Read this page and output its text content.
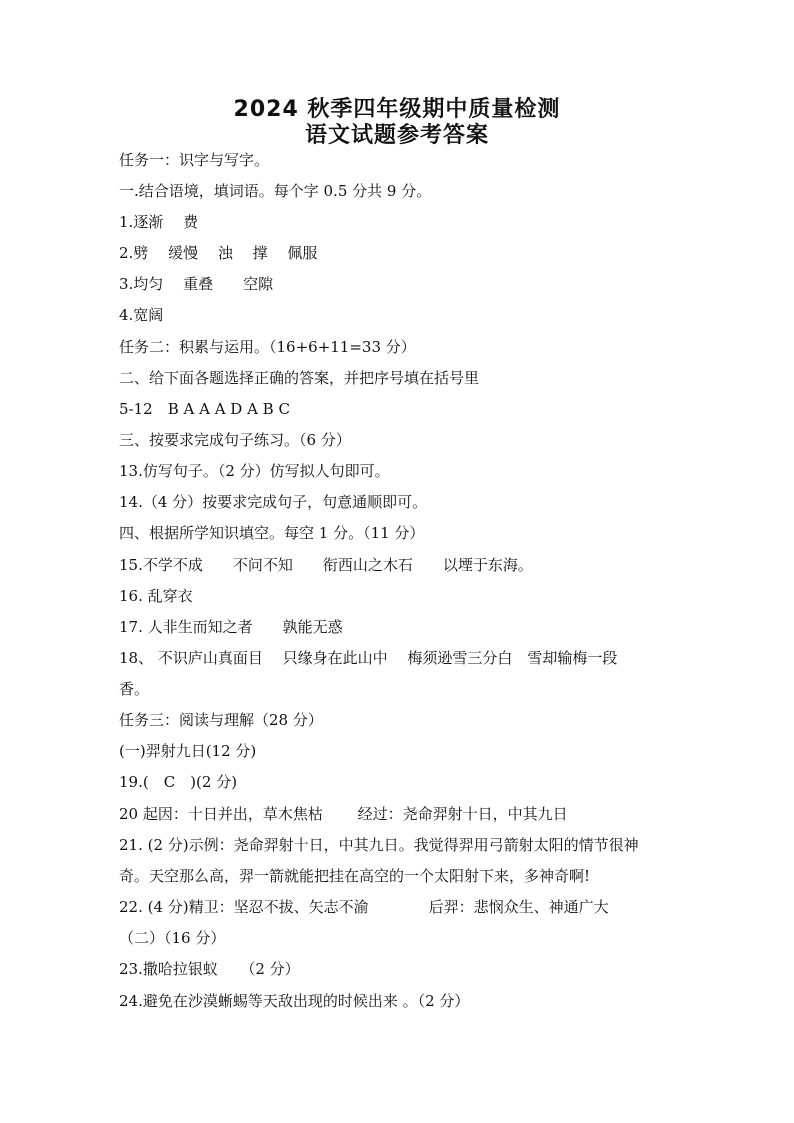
2024 秋季四年级期中质量检测
语文试题参考答案
任务一：识字与写字。
一.结合语境，填词语。每个字 0.5 分共 9 分。
1.逐渐　 费
2.劈　 缓慢　 浊　 撑　 佩服
3.均匀　 重叠　　空隙
4.宽阔
任务二：积累与运用。（16+6+11=33 分）
二、给下面各题选择正确的答案，并把序号填在括号里
5-12　B A A A D A B C
三、按要求完成句子练习。（6 分）
13.仿写句子。（2 分）仿写拟人句即可。
14.（4 分）按要求完成句子，句意通顺即可。
四、根据所学知识填空。每空 1 分。（11 分）
15.不学不成　　不问不知　　衔西山之木石　　以堙于东海。
16. 乱穿衣
17. 人非生而知之者　　孰能无惑
18、 不识庐山真面目　 只缘身在此山中　 梅须逊雪三分白　雪却输梅一段
香。
任务三：阅读与理解（28 分）
(一)羿射九日(12 分)
19.(　C　)(2 分)
20 起因：十日并出，草木焦枯　　 经过：尧命羿射十日，中其九日
21. (2 分)示例：尧命羿射十日，中其九日。我觉得羿用弓箭射太阳的情节很神
奇。天空那么高，羿一箭就能把挂在高空的一个太阳射下来，多神奇啊!
22. (4 分)精卫：坚忍不拔、矢志不渝　　　　后羿：悲悯众生、神通广大
（二）（16 分）
23.撒哈拉银蚁　　（2 分）
24.避免在沙漠蜥蜴等天敌出现的时候出来 。（2 分）
